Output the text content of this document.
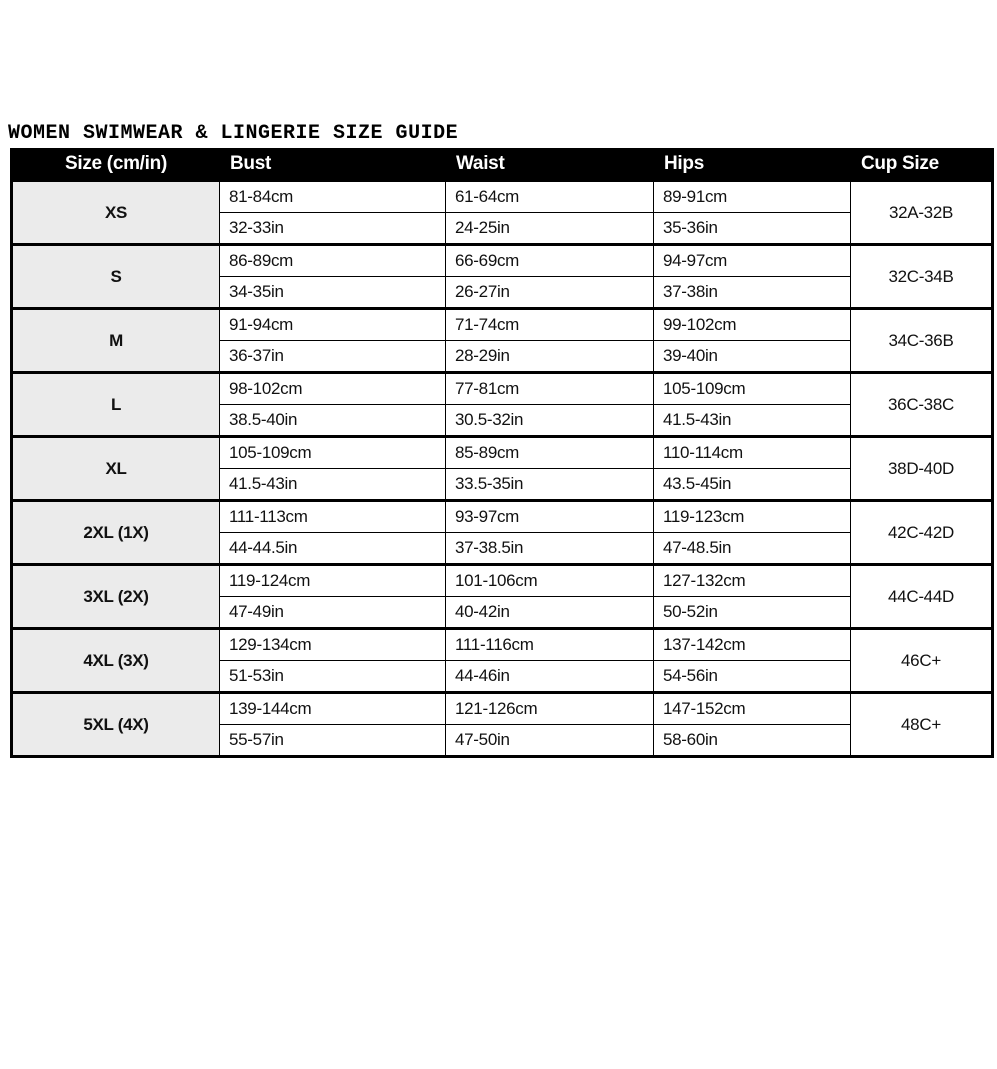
WOMEN SWIMWEAR & LINGERIE SIZE GUIDE
Size (cm/in)	Bust	Waist	Hips	Cup Size
XS	81-84cm	61-64cm	89-91cm	32A-32B
	32-33in	24-25in	35-36in	
S	86-89cm	66-69cm	94-97cm	32C-34B
	34-35in	26-27in	37-38in	
M	91-94cm	71-74cm	99-102cm	34C-36B
	36-37in	28-29in	39-40in	
L	98-102cm	77-81cm	105-109cm	36C-38C
	38.5-40in	30.5-32in	41.5-43in	
XL	105-109cm	85-89cm	110-114cm	38D-40D
	41.5-43in	33.5-35in	43.5-45in	
2XL (1X)	111-113cm	93-97cm	119-123cm	42C-42D
	44-44.5in	37-38.5in	47-48.5in	
3XL (2X)	119-124cm	101-106cm	127-132cm	44C-44D
	47-49in	40-42in	50-52in	
4XL (3X)	129-134cm	111-116cm	137-142cm	46C+
	51-53in	44-46in	54-56in	
5XL (4X)	139-144cm	121-126cm	147-152cm	48C+
	55-57in	47-50in	58-60in	
